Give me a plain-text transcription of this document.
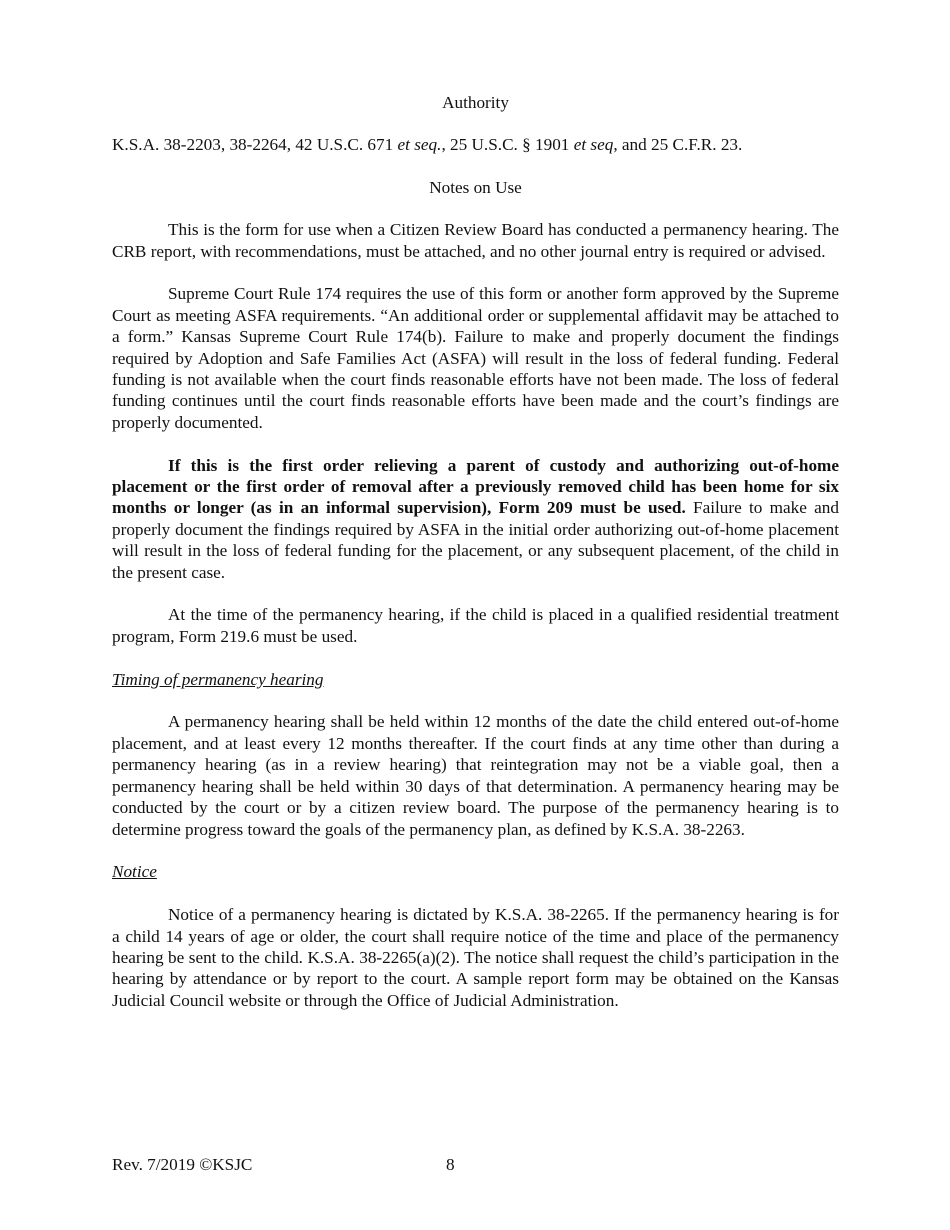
Authority

K.S.A. 38-2203, 38-2264, 42 U.S.C. 671 et seq., 25 U.S.C. § 1901 et seq, and 25 C.F.R. 23.

Notes on Use

This is the form for use when a Citizen Review Board has conducted a permanency hearing. The CRB report, with recommendations, must be attached, and no other journal entry is required or advised.

Supreme Court Rule 174 requires the use of this form or another form approved by the Supreme Court as meeting ASFA requirements. “An additional order or supplemental affidavit may be attached to a form.” Kansas Supreme Court Rule 174(b). Failure to make and properly document the findings required by Adoption and Safe Families Act (ASFA) will result in the loss of federal funding. Federal funding is not available when the court finds reasonable efforts have not been made. The loss of federal funding continues until the court finds reasonable efforts have been made and the court’s findings are properly documented.

If this is the first order relieving a parent of custody and authorizing out-of-home placement or the first order of removal after a previously removed child has been home for six months or longer (as in an informal supervision), Form 209 must be used. Failure to make and properly document the findings required by ASFA in the initial order authorizing out-of-home placement will result in the loss of federal funding for the placement, or any subsequent placement, of the child in the present case.

At the time of the permanency hearing, if the child is placed in a qualified residential treatment program, Form 219.6 must be used.

Timing of permanency hearing

A permanency hearing shall be held within 12 months of the date the child entered out-of-home placement, and at least every 12 months thereafter. If the court finds at any time other than during a permanency hearing (as in a review hearing) that reintegration may not be a viable goal, then a permanency hearing shall be held within 30 days of that determination. A permanency hearing may be conducted by the court or by a citizen review board. The purpose of the permanency hearing is to determine progress toward the goals of the permanency plan, as defined by K.S.A. 38-2263.

Notice

Notice of a permanency hearing is dictated by K.S.A. 38-2265. If the permanency hearing is for a child 14 years of age or older, the court shall require notice of the time and place of the permanency hearing be sent to the child. K.S.A. 38-2265(a)(2). The notice shall request the child’s participation in the hearing by attendance or by report to the court. A sample report form may be obtained on the Kansas Judicial Council website or through the Office of Judicial Administration.

Rev. 7/2019 ©KSJC	8
